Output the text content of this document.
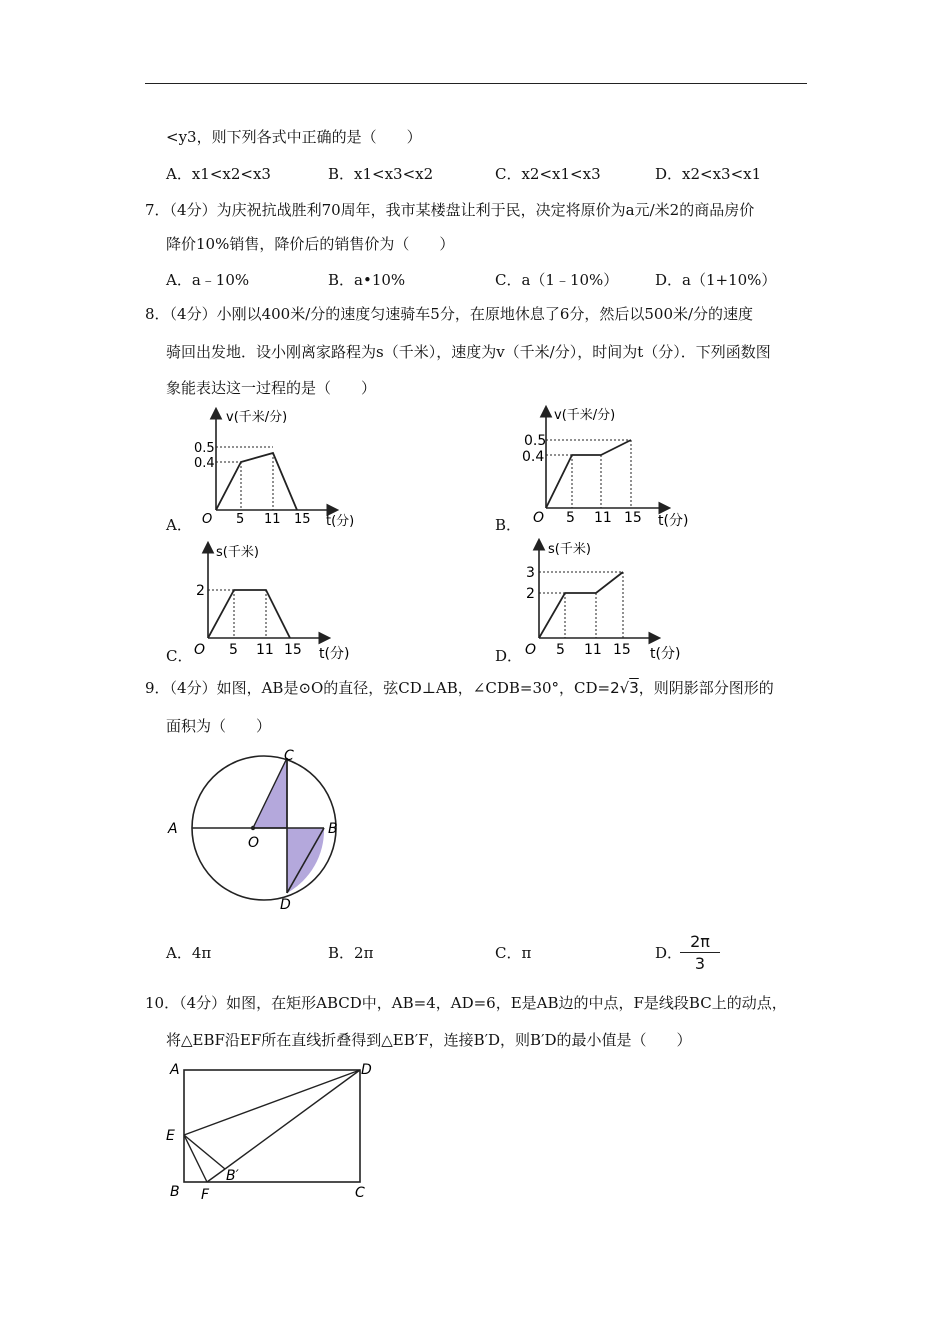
<y3，则下列各式中正确的是（　　）
A．x1<x2<x3	B．x1<x3<x2	C．x2<x1<x3	D．x2<x3<x1
7．（4分）为庆祝抗战胜利70周年，我市某楼盘让利于民，决定将原价为a元/米2的商品房价
降价10%销售，降价后的销售价为（　　）
A．a﹣10%	B．a•10%	C．a（1﹣10%） D．a（1+10%）
8．（4分）小刚以400米/分的速度匀速骑车5分，在原地休息了6分，然后以500米/分的速度
骑回出发地．设小刚离家路程为s（千米），速度为v（千米/分），时间为t（分）．下列函数图
象能表达这一过程的是（　　）
A．
v(千米/分)
t(分)
0.5
0.4
O 5 11 15	B．
v(千米/分)
t(分)
0.5
0.4
O 5 11 15
C．
s(千米)
t(分)
2
O 5 11 15	D．
s(千米)
t(分)
3
2
O 5 11 15
9．（4分）如图，AB是⊙O的直径，弦CD⊥AB，∠CDB=30°，CD=2√3，则阴影部分图形的
面积为（　　）
A	B
C
D
O
A．4π	B．2π	C．π	D．
$\frac{2\pi}{3}$
10．（4分）如图，在矩形ABCD中，AB=4，AD=6，E是AB边的中点，F是线段BC上的动点，
将△EBF沿EF所在直线折叠得到△EB′F，连接B′D，则B′D的最小值是（　　）
A	D
E
B F
B′
C
